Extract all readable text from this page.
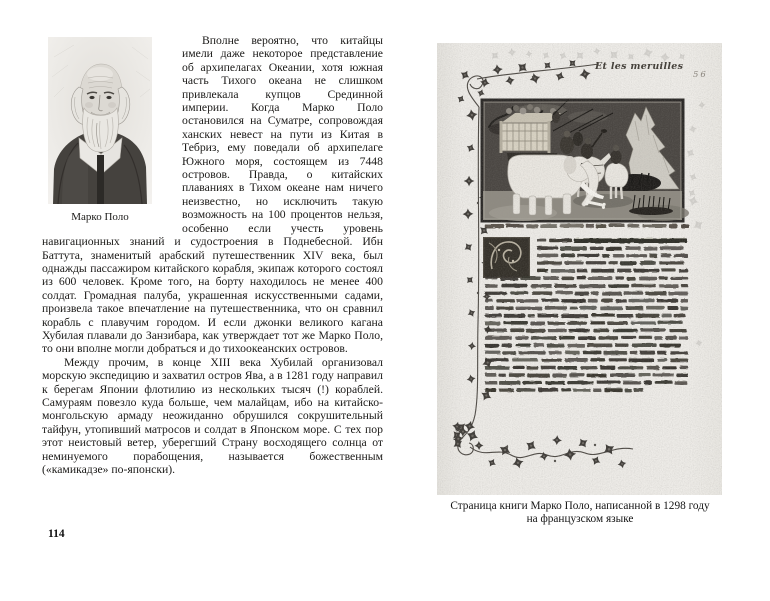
Марко Поло

Вполне вероятно, что китайцы имели даже некоторое представление об архипелагах Океании, хотя южная часть Тихого океана не слишком привлекала купцов Срединной империи. Когда Марко Поло остановился на Суматре, сопровождая ханских невест на пути из Китая в Тебриз, ему поведали об архипелаге Южного моря, состоящем из 7448 островов. Правда, о китайских плаваниях в Тихом океане нам ничего неизвестно, но исключить такую возможность на 100 процентов нельзя, особенно если учесть уровень навигационных знаний и судостроения в Поднебесной. Ибн Баттута, знаменитый арабский путешественник XIV века, был однажды пассажиром китайского корабля, экипаж которого состоял из 600 человек. Кроме того, на борту находилось не менее 400 солдат. Громадная палуба, украшенная искусственными садами, произвела такое впечатление на путешественника, что он сравнил корабль с плавучим городом. И если джонки великого кагана Хубилая плавали до Занзибара, как утверждает тот же Марко Поло, то они вполне могли добраться и до тихоокеанских островов.

Между прочим, в конце XIII века Хубилай организовал морскую экспедицию и захватил остров Ява, а в 1281 году направил к берегам Японии флотилию из нескольких тысяч (!) кораблей. Самураям повезло куда больше, чем малайцам, ибо на китайско-монгольскую армаду неожиданно обрушился сокрушительный тайфун, утопивший матросов и солдат в Японском море. С тех пор этот неистовый ветер, уберегший Страну восходящего солнца от неминуемого порабощения, называется божественным («камикадзе» по-японски).

114
Et les meruilles
56
Страница книги Марко Поло, написанной в 1298 году на французском языке
